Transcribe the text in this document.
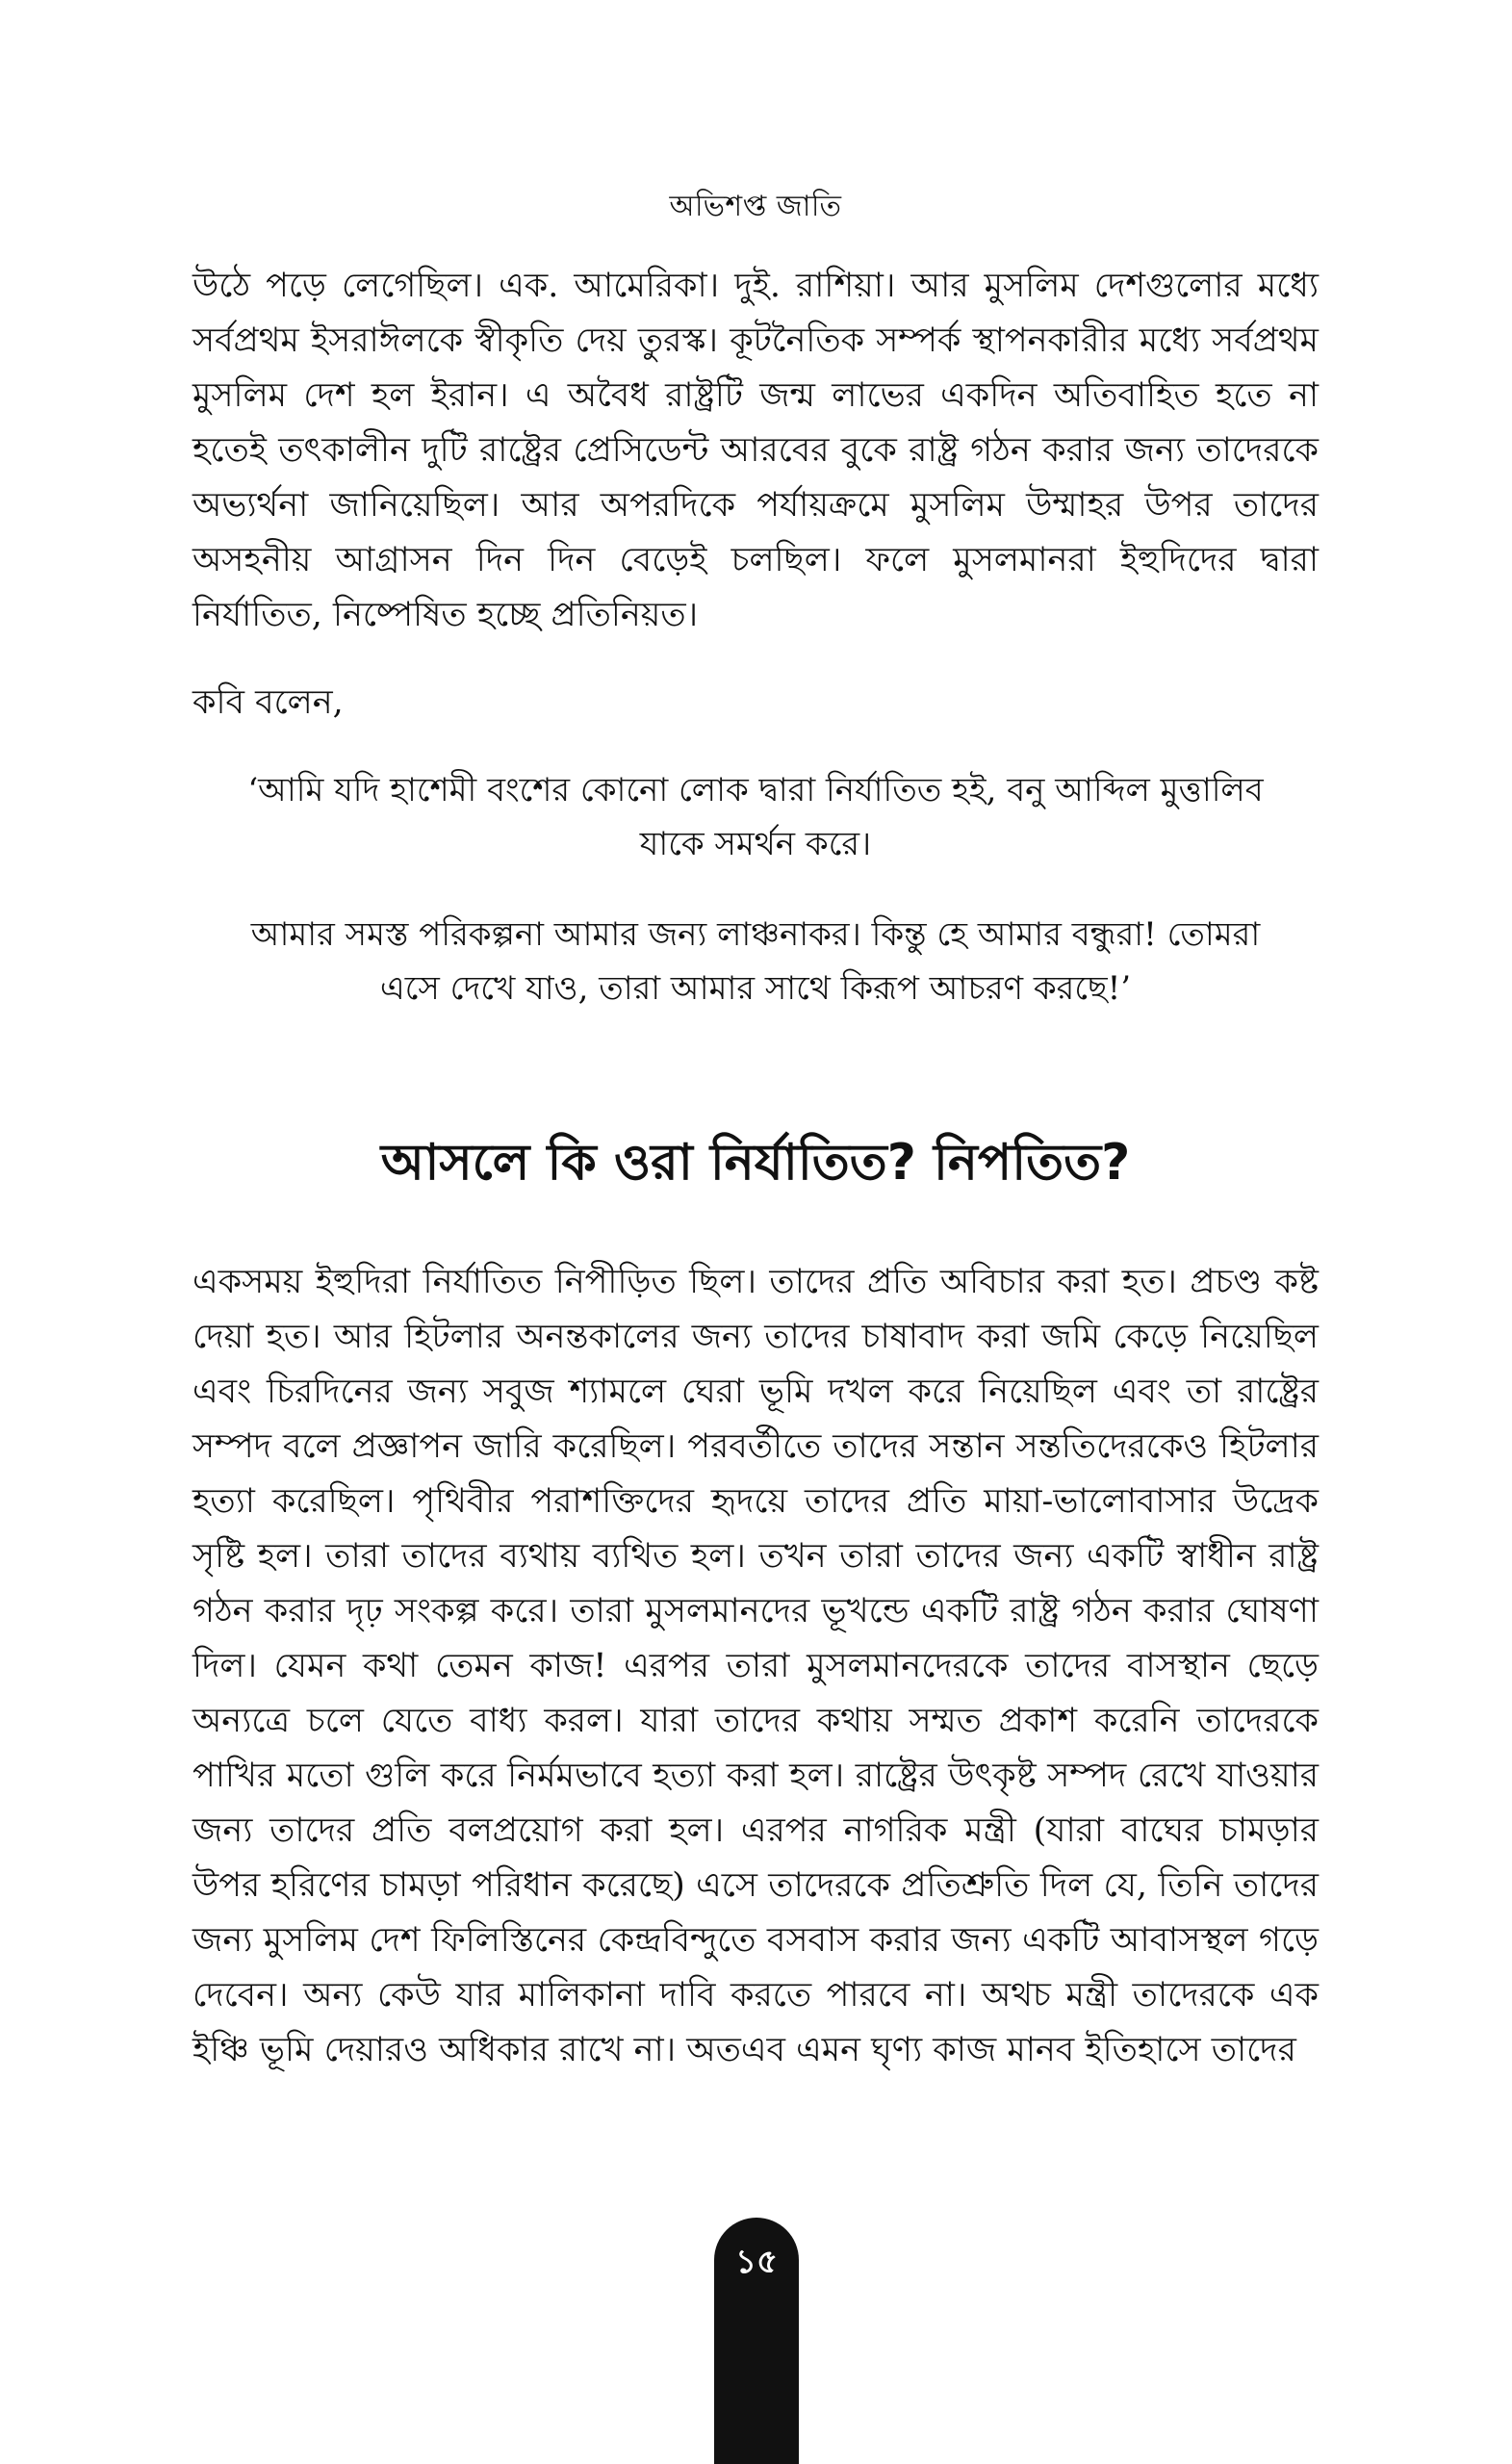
অভিশপ্ত জাতি

উঠে পড়ে লেগেছিল। এক. আমেরিকা। দুই. রাশিয়া। আর মুসলিম দেশগুলোর মধ্যে সর্বপ্রথম ইসরাঈলকে স্বীকৃতি দেয় তুরস্ক। কূটনৈতিক সম্পর্ক স্থাপনকারীর মধ্যে সর্বপ্রথম মুসলিম দেশ হল ইরান। এ অবৈধ রাষ্ট্রটি জন্ম লাভের একদিন অতিবাহিত হতে না হতেই তৎকালীন দুটি রাষ্ট্রের প্রেসিডেন্ট আরবের বুকে রাষ্ট্র গঠন করার জন্য তাদেরকে অভ্যর্থনা জানিয়েছিল। আর অপরদিকে পর্যায়ক্রমে মুসলিম উম্মাহর উপর তাদের অসহনীয় আগ্রাসন দিন দিন বেড়েই চলছিল। ফলে মুসলমানরা ইহুদিদের দ্বারা নির্যাতিত, নিষ্পেষিত হচ্ছে প্রতিনিয়ত।

কবি বলেন,

‘আমি যদি হাশেমী বংশের কোনো লোক দ্বারা নির্যাতিত হই, বনু আব্দিল মুত্তালিব
যাকে সমর্থন করে।
আমার সমস্ত পরিকল্পনা আমার জন্য লাঞ্চনাকর। কিন্তু হে আমার বন্ধুরা! তোমরা
এসে দেখে যাও, তারা আমার সাথে কিরূপ আচরণ করছে!’
আসলে কি ওরা নির্যাতিত? নিপতিত?

একসময় ইহুদিরা নির্যাতিত নিপীড়িত ছিল। তাদের প্রতি অবিচার করা হত। প্রচণ্ড কষ্ট দেয়া হত। আর হিটলার অনন্তকালের জন্য তাদের চাষাবাদ করা জমি কেড়ে নিয়েছিল এবং চিরদিনের জন্য সবুজ শ্যামলে ঘেরা ভূমি দখল করে নিয়েছিল এবং তা রাষ্ট্রের সম্পদ বলে প্রজ্ঞাপন জারি করেছিল। পরবর্তীতে তাদের সন্তান সন্ততিদেরকেও হিটলার হত্যা করেছিল। পৃথিবীর পরাশক্তিদের হৃদয়ে তাদের প্রতি মায়া-ভালোবাসার উদ্রেক সৃষ্টি হল। তারা তাদের ব্যথায় ব্যথিত হল। তখন তারা তাদের জন্য একটি স্বাধীন রাষ্ট্র গঠন করার দৃঢ় সংকল্প করে। তারা মুসলমানদের ভূখন্ডে একটি রাষ্ট্র গঠন করার ঘোষণা দিল। যেমন কথা তেমন কাজ! এরপর তারা মুসলমানদেরকে তাদের বাসস্থান ছেড়ে অন্যত্রে চলে যেতে বাধ্য করল। যারা তাদের কথায় সম্মত প্রকাশ করেনি তাদেরকে পাখির মতো গুলি করে নির্মমভাবে হত্যা করা হল। রাষ্ট্রের উৎকৃষ্ট সম্পদ রেখে যাওয়ার জন্য তাদের প্রতি বলপ্রয়োগ করা হল। এরপর নাগরিক মন্ত্রী (যারা বাঘের চামড়ার উপর হরিণের চামড়া পরিধান করেছে) এসে তাদেরকে প্রতিশ্রুতি দিল যে, তিনি তাদের জন্য মুসলিম দেশ ফিলিস্তিনের কেন্দ্রবিন্দুতে বসবাস করার জন্য একটি আবাসস্থল গড়ে দেবেন। অন্য কেউ যার মালিকানা দাবি করতে পারবে না। অথচ মন্ত্রী তাদেরকে এক ইঞ্চি ভূমি দেয়ারও অধিকার রাখে না। অতএব এমন ঘৃণ্য কাজ মানব ইতিহাসে তাদের

১৫
